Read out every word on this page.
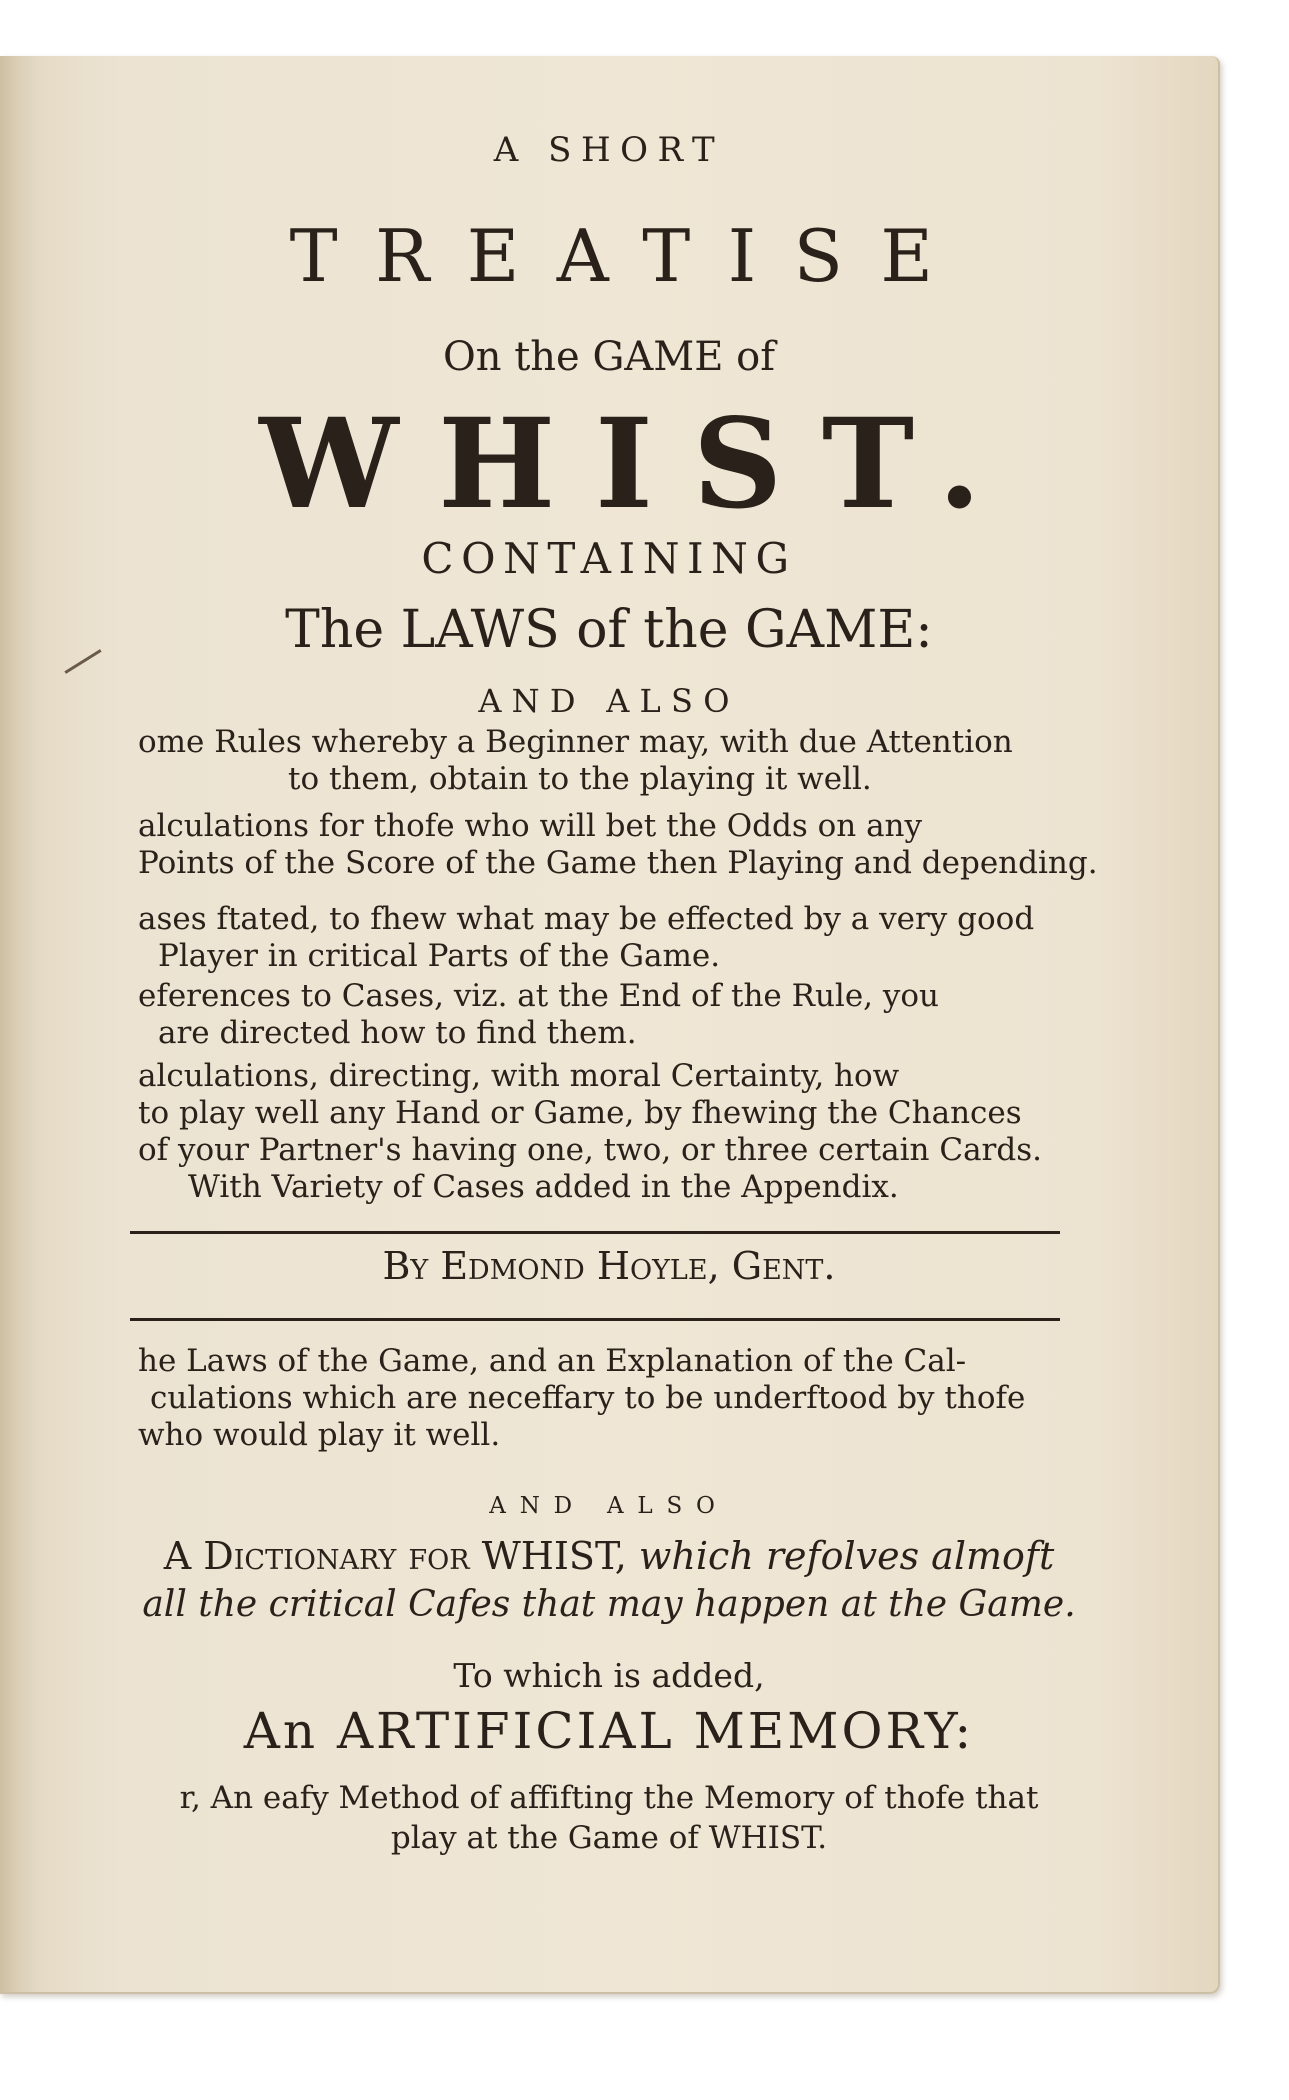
A SHORT
TREATISE
On the GAME of
WHIST.
CONTAINING
The LAWS of the GAME:
AND ALSO
ome Rules whereby a Beginner may, with due Attention
to them, obtain to the playing it well.
alculations for thofe who will bet the Odds on any
Points of the Score of the Game then Playing and depending.
ases ftated, to fhew what may be effected by a very good
Player in critical Parts of the Game.
eferences to Cases, viz. at the End of the Rule, you
are directed how to find them.
alculations, directing, with moral Certainty, how
to play well any Hand or Game, by fhewing the Chances
of your Partner's having one, two, or three certain Cards.
With Variety of Cases added in the Appendix.
By Edmond Hoyle, Gent.
he Laws of the Game, and an Explanation of the Cal-
culations which are neceffary to be underftood by thofe
who would play it well.
AND ALSO
A Dictionary for WHIST, which refolves almoft
all the critical Cafes that may happen at the Game.
To which is added,
An ARTIFICIAL MEMORY:
r, An eafy Method of affifting the Memory of thofe that
play at the Game of WHIST.
